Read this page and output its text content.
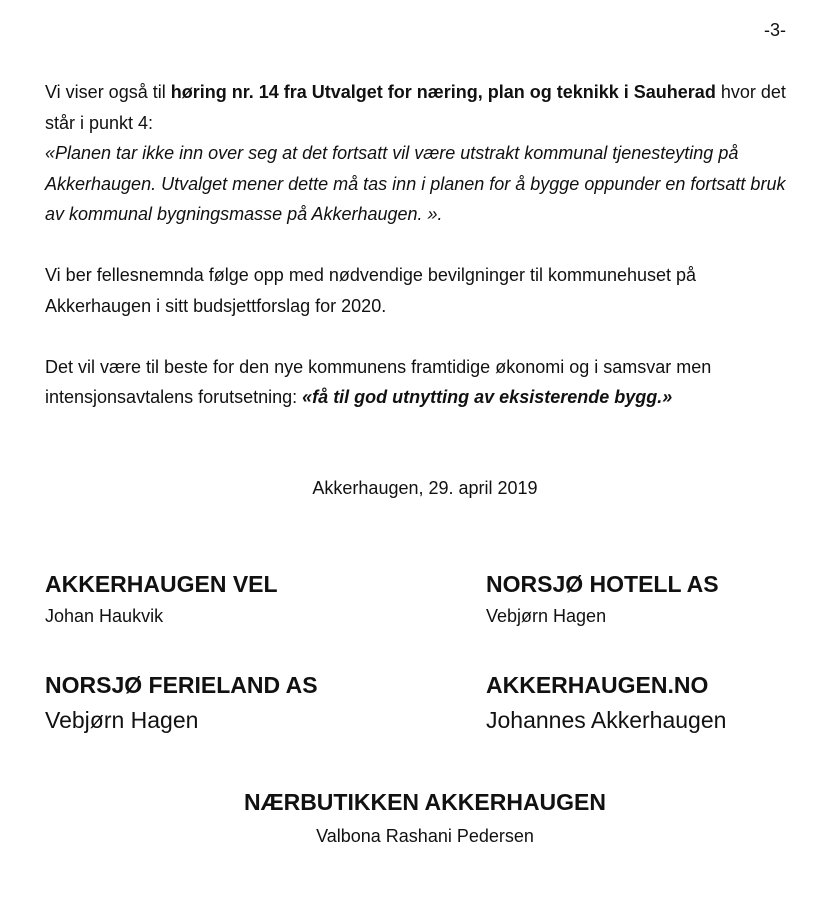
-3-

Vi viser også til høring nr. 14 fra Utvalget for næring, plan og teknikk i Sauherad hvor det står i punkt 4:
«Planen tar ikke inn over seg at det fortsatt vil være utstrakt kommunal tjenesteyting på Akkerhaugen. Utvalget mener dette må tas inn i planen for å bygge oppunder en fortsatt bruk av kommunal bygningsmasse på Akkerhaugen. ».

Vi ber fellesnemnda følge opp med nødvendige bevilgninger til kommunehuset på Akkerhaugen i sitt budsjettforslag for 2020.

Det vil være til beste for den nye kommunens framtidige økonomi og i samsvar men intensjonsavtalens forutsetning: «få til god utnytting av eksisterende bygg.»

Akkerhaugen, 29. april 2019
AKKERHAUGEN VEL
Johan Haukvik
NORSJØ HOTELL AS
Vebjørn Hagen
NORSJØ FERIELAND AS
Vebjørn Hagen
AKKERHAUGEN.NO
Johannes Akkerhaugen
NÆRBUTIKKEN AKKERHAUGEN
Valbona Rashani Pedersen
